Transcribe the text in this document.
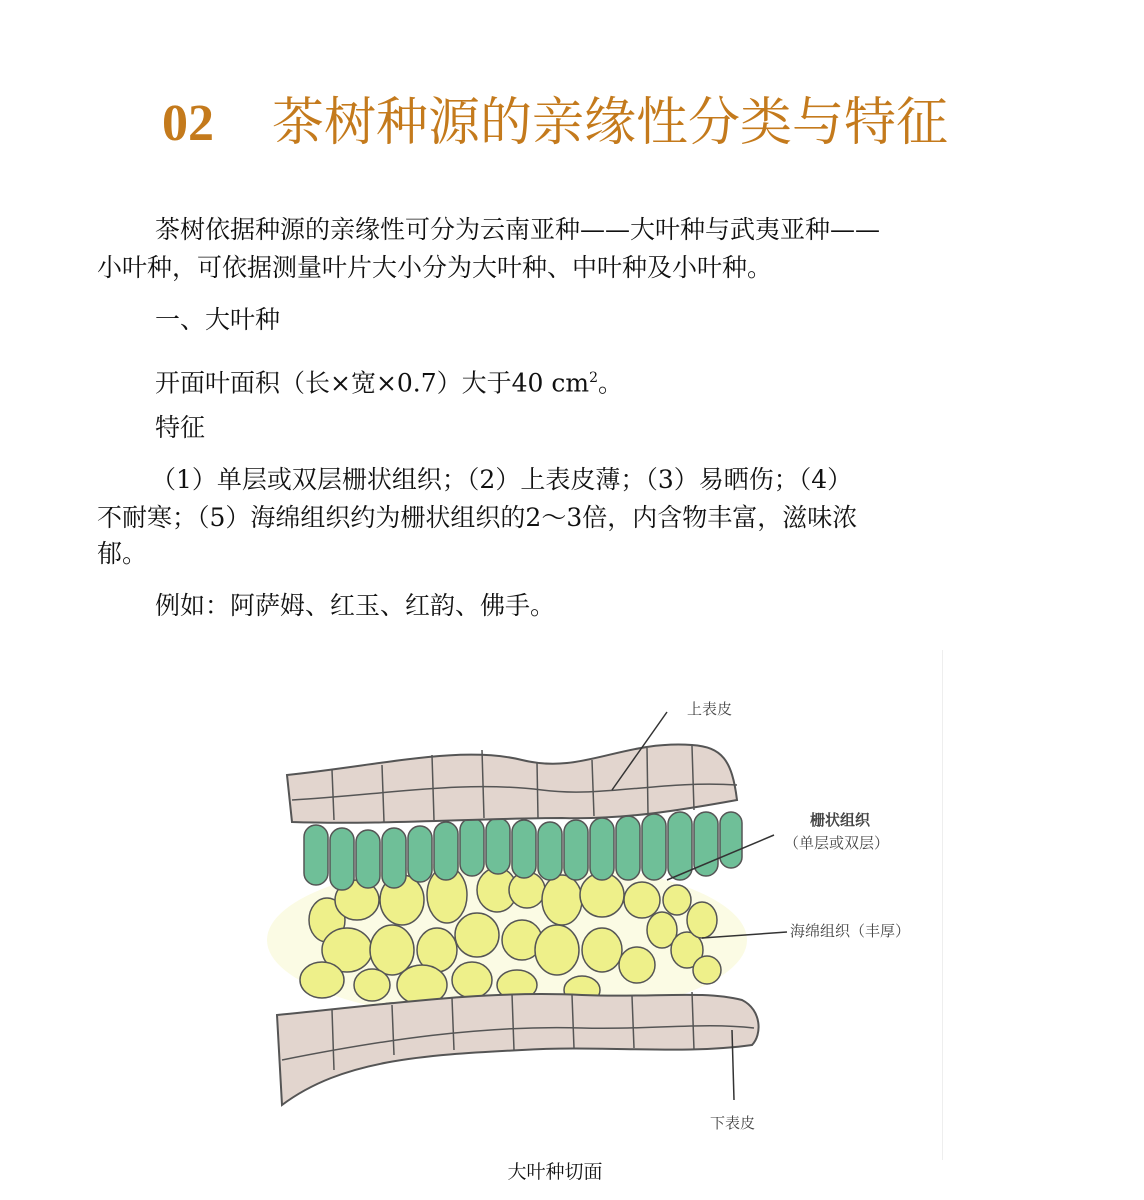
02 茶树种源的亲缘性分类与特征
茶树依据种源的亲缘性可分为云南亚种——大叶种与武夷亚种——
小叶种，可依据测量叶片大小分为大叶种、中叶种及小叶种。
一、大叶种
开面叶面积（长×宽×0.7）大于40 $cm^2$。
特征
（1）单层或双层栅状组织；（2）上表皮薄；（3）易晒伤；（4）
不耐寒；（5）海绵组织约为栅状组织的2～3倍，内含物丰富，滋味浓
郁。
例如：阿萨姆、红玉、红韵、佛手。
上表皮
栅状组织
（单层或双层）
海绵组织（丰厚）
下表皮
大叶种切面
